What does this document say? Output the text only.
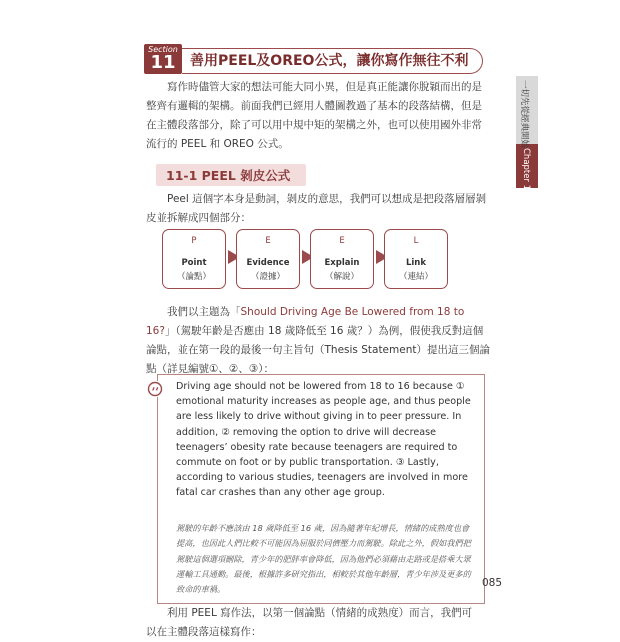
Section
11	善用PEEL及OREO公式，讓你寫作無往不利
一切先從經典開始
Chapter 1

寫作時儘管大家的想法可能大同小異，但是真正能讓你脫穎而出的是整齊有邏輯的架構。前面我們已經用人體圖教過了基本的段落結構，但是在主體段落部分，除了可以用中規中矩的架構之外，也可以使用國外非常流行的 PEEL 和 OREO 公式。

11-1 PEEL 剝皮公式

Peel 這個字本身是動詞，剝皮的意思，我們可以想成是把段落層層剝皮並拆解成四個部分：

P
Point
（論點）
E
Evidence
（證據）
E
Explain
（解說）
L
Link
（連結）

我們以主題為「Should Driving Age Be Lowered from 18 to 16?」（駕駛年齡是否應由 18 歲降低至 16 歲？）為例，假使我反對這個論點，並在第一段的最後一句主旨句（Thesis Statement）提出這三個論點（詳見編號①、②、③）：

Driving age should not be lowered from 18 to 16 because ① emotional maturity increases as people age, and thus people are less likely to drive without giving in to peer pressure. In addition, ② removing the option to drive will decrease teenagers’ obesity rate because teenagers are required to commute on foot or by public transportation. ③ Lastly, according to various studies, teenagers are involved in more fatal car crashes than any other age group.

駕駛的年齡不應該由 18 歲降低至 16 歲，因為隨著年紀增長，情緒的成熟度也會提高，也因此人們比較不可能因為屈服於同儕壓力而駕駛。除此之外，假如我們把駕駛這個選項刪除，青少年的肥胖率會降低，因為他們必須藉由走路或是搭乘大眾運輸工具通勤。最後，根據許多研究指出，相較於其他年齡層，青少年涉及更多的致命的車禍。

085

利用 PEEL 寫作法，以第一個論點（情緒的成熟度）而言，我們可以在主體段落這樣寫作：
